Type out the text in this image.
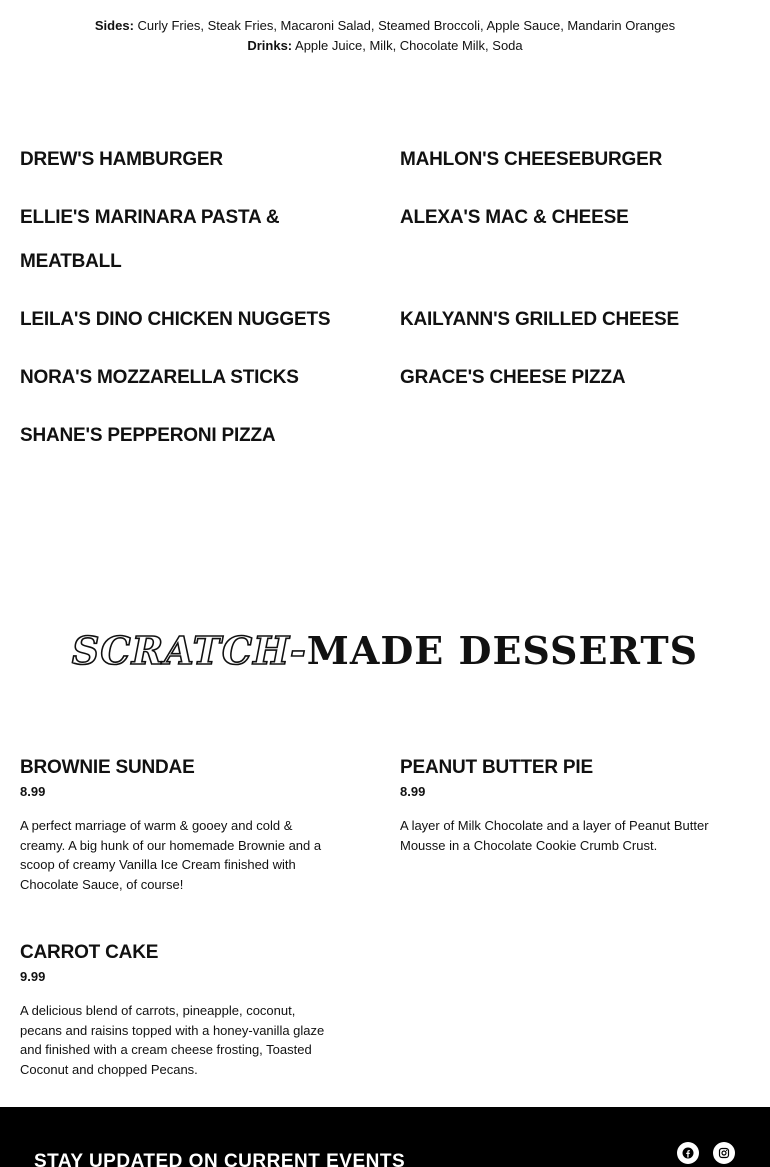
Sides: Curly Fries, Steak Fries, Macaroni Salad, Steamed Broccoli, Apple Sauce, Mandarin Oranges
Drinks: Apple Juice, Milk, Chocolate Milk, Soda
DREW'S HAMBURGER	MAHLON'S CHEESEBURGER
ELLIE'S MARINARA PASTA & MEATBALL
ALEXA'S MAC & CHEESE
LEILA'S DINO CHICKEN NUGGETS	KAILYANN'S GRILLED CHEESE
NORA'S MOZZARELLA STICKS	GRACE'S CHEESE PIZZA
SHANE'S PEPPERONI PIZZA
SCRATCH-MADE DESSERTS
BROWNIE SUNDAE
8.99
A perfect marriage of warm & gooey and cold & creamy. A big hunk of our homemade Brownie and a scoop of creamy Vanilla Ice Cream finished with Chocolate Sauce, of course!
PEANUT BUTTER PIE
8.99
A layer of Milk Chocolate and a layer of Peanut Butter Mousse in a Chocolate Cookie Crumb Crust.
CARROT CAKE
9.99
A delicious blend of carrots, pineapple, coconut, pecans and raisins topped with a honey-vanilla glaze and finished with a cream cheese frosting, Toasted Coconut and chopped Pecans.
STAY UPDATED ON CURRENT EVENTS
